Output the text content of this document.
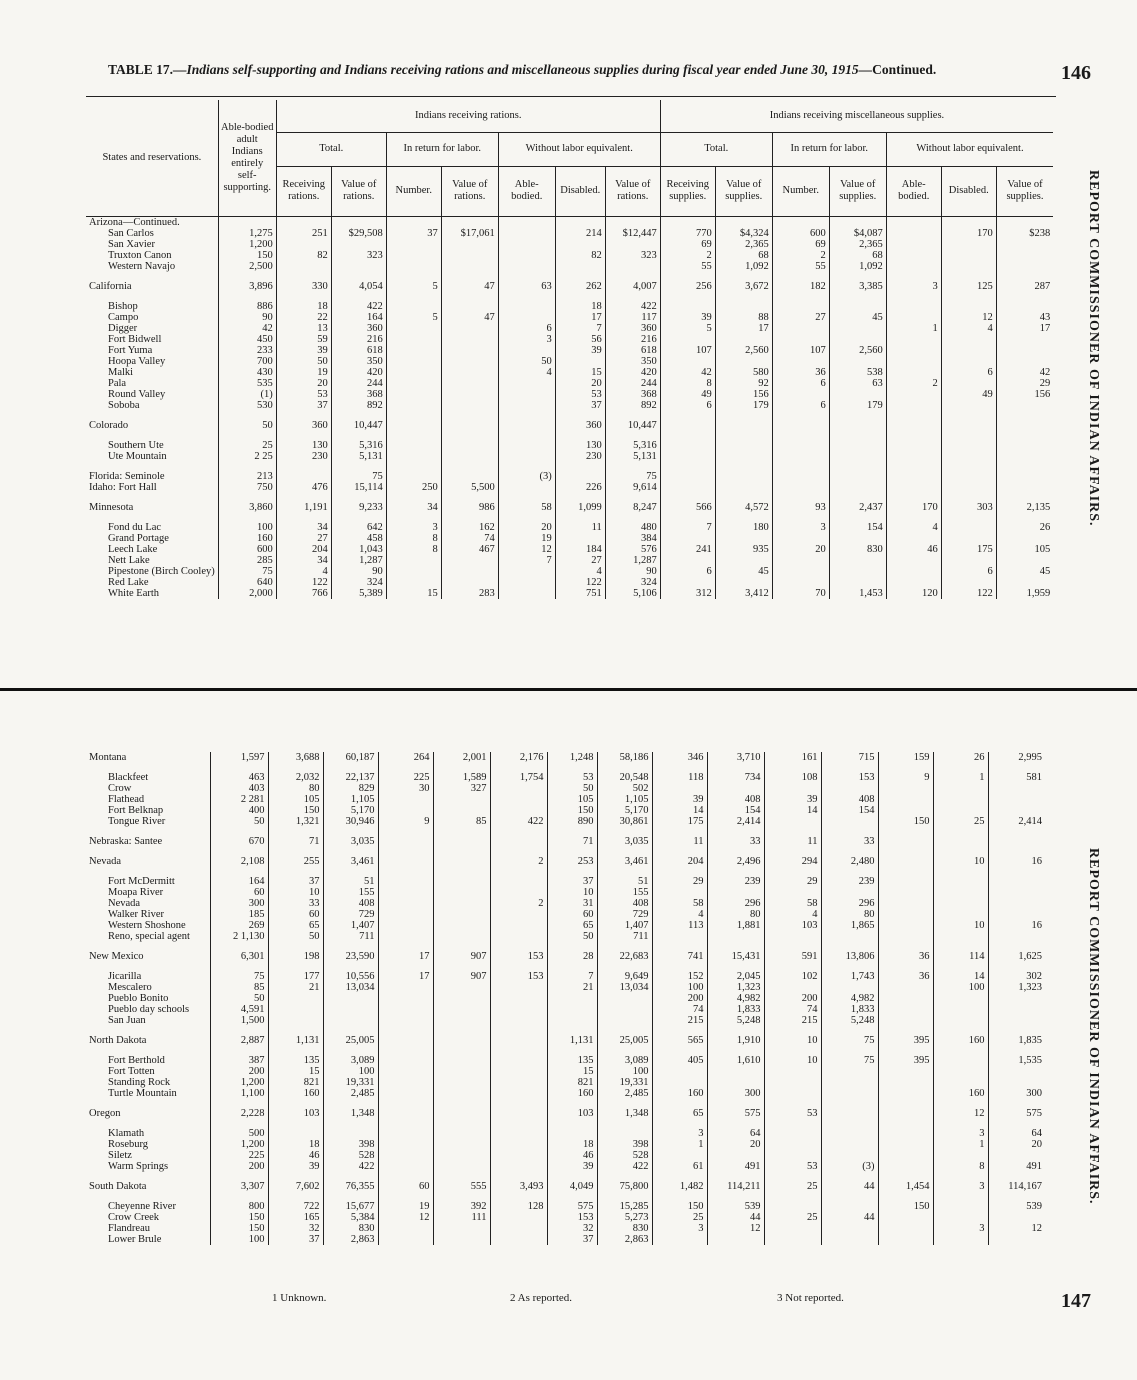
TABLE 17.—Indians self-supporting and Indians receiving rations and miscellaneous supplies during fiscal year ended June 30, 1915—Continued.	146
REPORT COMMISSIONER OF INDIAN AFFAIRS.
147
REPORT COMMISSIONER OF INDIAN AFFAIRS.
States and reservations.	Able-bodied adult Indians entirely self-supporting.	Indians receiving rations.							Indians receiving miscellaneous supplies.						
		Total.		In return for labor.		Without labor equivalent.			Total.		In return for labor.		Without labor equivalent.		
		Receiving rations.	Value of rations.	Number.	Value of rations.	Able-bodied.	Disabled.	Value of rations.	Receiving supplies.	Value of supplies.	Number.	Value of supplies.	Able-bodied.	Disabled.	Value of supplies.
Arizona—Continued.															
San Carlos	1,275	251	$29,508	37	$17,061		214	$12,447	770	$4,324	600	$4,087		170	$238
San Xavier	1,200								69	2,365	69	2,365			
Truxton Canon	150	82	323				82	323	2	68	2	68			
Western Navajo	2,500								55	1,092	55	1,092			

California	3,896	330	4,054	5	47	63	262	4,007	256	3,672	182	3,385	3	125	287

Bishop	886	18	422				18	422							
Campo	90	22	164	5	47		17	117	39	88	27	45		12	43
Digger	42	13	360			6	7	360	5	17			1	4	17
Fort Bidwell	450	59	216			3	56	216							
Fort Yuma	233	39	618				39	618	107	2,560	107	2,560			
Hoopa Valley	700	50	350			50		350							
Malki	430	19	420			4	15	420	42	580	36	538		6	42
Pala	535	20	244				20	244	8	92	6	63	2		29
Round Valley	(1)	53	368				53	368	49	156				49	156
Soboba	530	37	892				37	892	6	179	6	179			

Colorado	50	360	10,447				360	10,447							

Southern Ute	25	130	5,316				130	5,316							
Ute Mountain	2 25	230	5,131				230	5,131							

Florida: Seminole	213		75			(3)		75							
Idaho: Fort Hall	750	476	15,114	250	5,500		226	9,614							

Minnesota	3,860	1,191	9,233	34	986	58	1,099	8,247	566	4,572	93	2,437	170	303	2,135

Fond du Lac	100	34	642	3	162	20	11	480	7	180	3	154	4		26
Grand Portage	160	27	458	8	74	19		384							
Leech Lake	600	204	1,043	8	467	12	184	576	241	935	20	830	46	175	105
Nett Lake	285	34	1,287			7	27	1,287							
Pipestone (Birch Cooley)	75	4	90				4	90	6	45				6	45
Red Lake	640	122	324				122	324							
White Earth	2,000	766	5,389	15	283		751	5,106	312	3,412	70	1,453	120	122	1,959
Montana	1,597	3,688	60,187	264	2,001	2,176	1,248	58,186	346	3,710	161	715	159	26	2,995

Blackfeet	463	2,032	22,137	225	1,589	1,754	53	20,548	118	734	108	153	9	1	581
Crow	403	80	829	30	327		50	502							
Flathead	2 281	105	1,105				105	1,105	39	408	39	408			
Fort Belknap	400	150	5,170				150	5,170	14	154	14	154			
Tongue River	50	1,321	30,946	9	85	422	890	30,861	175	2,414			150	25	2,414

Nebraska: Santee	670	71	3,035				71	3,035	11	33	11	33			

Nevada	2,108	255	3,461			2	253	3,461	204	2,496	294	2,480		10	16

Fort McDermitt	164	37	51				37	51	29	239	29	239			
Moapa River	60	10	155				10	155							
Nevada	300	33	408			2	31	408	58	296	58	296			
Walker River	185	60	729				60	729	4	80	4	80			
Western Shoshone	269	65	1,407				65	1,407	113	1,881	103	1,865		10	16
Reno, special agent	2 1,130	50	711				50	711							

New Mexico	6,301	198	23,590	17	907	153	28	22,683	741	15,431	591	13,806	36	114	1,625

Jicarilla	75	177	10,556	17	907	153	7	9,649	152	2,045	102	1,743	36	14	302
Mescalero	85	21	13,034				21	13,034	100	1,323				100	1,323
Pueblo Bonito	50								200	4,982	200	4,982			
Pueblo day schools	4,591								74	1,833	74	1,833			
San Juan	1,500								215	5,248	215	5,248			

North Dakota	2,887	1,131	25,005				1,131	25,005	565	1,910	10	75	395	160	1,835

Fort Berthold	387	135	3,089				135	3,089	405	1,610	10	75	395		1,535
Fort Totten	200	15	100				15	100							
Standing Rock	1,200	821	19,331				821	19,331							
Turtle Mountain	1,100	160	2,485				160	2,485	160	300				160	300

Oregon	2,228	103	1,348				103	1,348	65	575	53			12	575

Klamath	500								3	64				3	64
Roseburg	1,200	18	398				18	398	1	20				1	20
Siletz	225	46	528				46	528							
Warm Springs	200	39	422				39	422	61	491	53	(3)		8	491

South Dakota	3,307	7,602	76,355	60	555	3,493	4,049	75,800	1,482	114,211	25	44	1,454	3	114,167

Cheyenne River	800	722	15,677	19	392	128	575	15,285	150	539			150		539
Crow Creek	150	165	5,384	12	111		153	5,273	25	44	25	44			
Flandreau	150	32	830				32	830	3	12				3	12
Lower Brule	100	37	2,863				37	2,863							
1 Unknown.	2 As reported.	3 Not reported.
